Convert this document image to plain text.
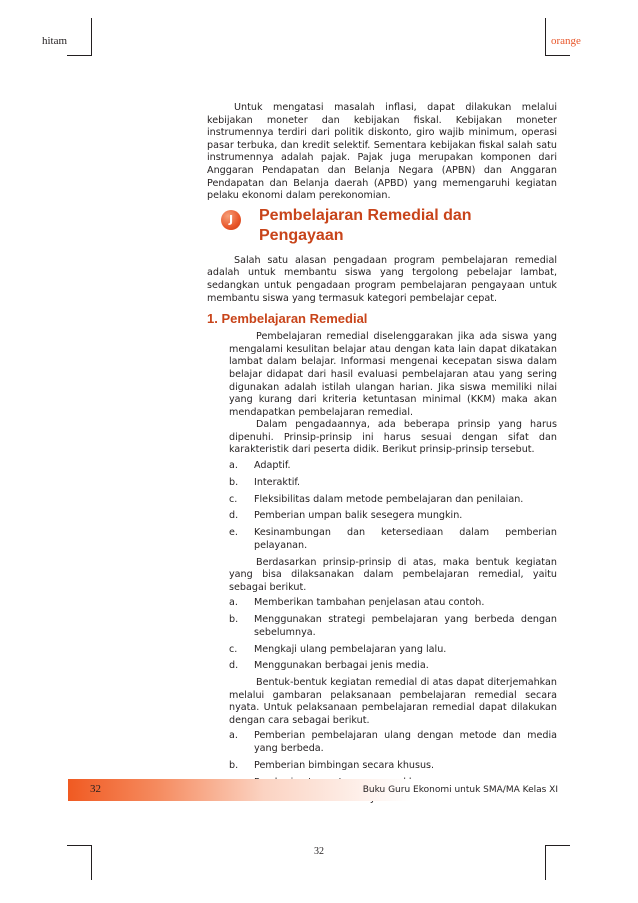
hitam	orange

Untuk mengatasi masalah inflasi, dapat dilakukan melalui kebijakan moneter dan kebijakan fiskal. Kebijakan moneter instrumennya terdiri dari politik diskonto, giro wajib minimum, operasi pasar terbuka, dan kredit selektif. Sementara kebijakan fiskal salah satu instrumennya adalah pajak. Pajak juga merupakan komponen dari Anggaran Pendapatan dan Belanja Negara (APBN) dan Anggaran Pendapatan dan Belanja daerah (APBD) yang memengaruhi kegiatan pelaku ekonomi dalam perekonomian.

J	Pembelajaran Remedial dan Pengayaan

Salah satu alasan pengadaan program pembelajaran remedial adalah untuk membantu siswa yang tergolong pebelajar lambat, sedangkan untuk pengadaan program pembelajaran pengayaan untuk membantu siswa yang termasuk kategori pembelajar cepat.

1. Pembelajaran Remedial

Pembelajaran remedial diselenggarakan jika ada siswa yang mengalami kesulitan belajar atau dengan kata lain dapat dikatakan lambat dalam belajar. Informasi mengenai kecepatan siswa dalam belajar didapat dari hasil evaluasi pembelajaran atau yang sering digunakan adalah istilah ulangan harian. Jika siswa memiliki nilai yang kurang dari kriteria ketuntasan minimal (KKM) maka akan mendapatkan pembelajaran remedial.

Dalam pengadaannya, ada beberapa prinsip yang harus dipenuhi. Prinsip-prinsip ini harus sesuai dengan sifat dan karakteristik dari peserta didik. Berikut prinsip-prinsip tersebut.

a. Adaptif.
b. Interaktif.
c. Fleksibilitas dalam metode pembelajaran dan penilaian.
d. Pemberian umpan balik sesegera mungkin.
e. Kesinambungan dan ketersediaan dalam pemberian pelayanan.

Berdasarkan prinsip-prinsip di atas, maka bentuk kegiatan yang bisa dilaksanakan dalam pembelajaran remedial, yaitu sebagai berikut.

a. Memberikan tambahan penjelasan atau contoh.
b. Menggunakan strategi pembelajaran yang berbeda dengan sebelumnya.
c. Mengkaji ulang pembelajaran yang lalu.
d. Menggunakan berbagai jenis media.

Bentuk-bentuk kegiatan remedial di atas dapat diterjemahkan melalui gambaran pelaksanaan pembelajaran remedial secara nyata. Untuk pelaksanaan pembelajaran remedial dapat dilakukan dengan cara sebagai berikut.

a. Pemberian pembelajaran ulang dengan metode dan media yang berbeda.
b. Pemberian bimbingan secara khusus.
32	Buku Guru Ekonomi untuk SMA/MA Kelas XI
32
